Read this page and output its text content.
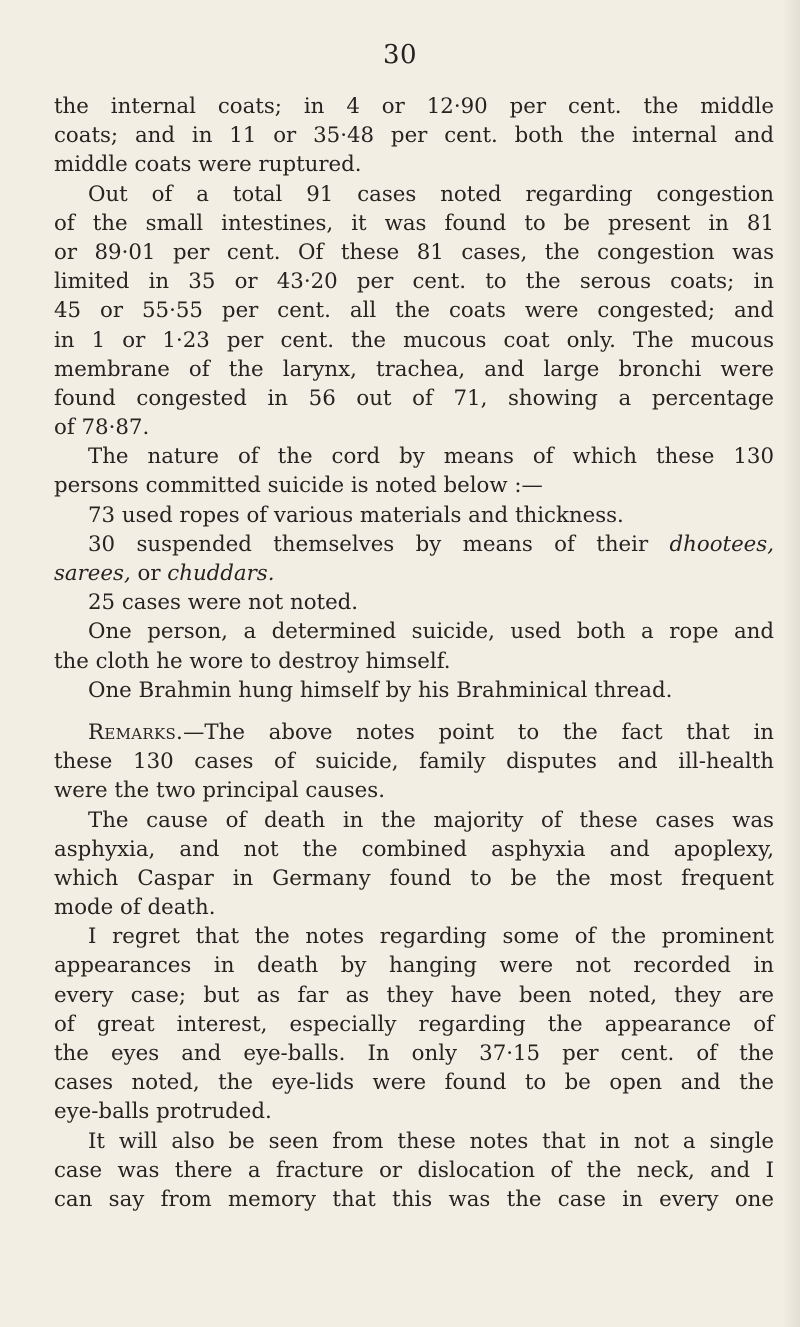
30
the internal coats; in 4 or 12·90 per cent. the middle
coats; and in 11 or 35·48 per cent. both the internal and
middle coats were ruptured.
Out of a total 91 cases noted regarding congestion
of the small intestines, it was found to be present in 81
or 89·01 per cent. Of these 81 cases, the congestion was
limited in 35 or 43·20 per cent. to the serous coats; in
45 or 55·55 per cent. all the coats were congested; and
in 1 or 1·23 per cent. the mucous coat only. The mucous
membrane of the larynx, trachea, and large bronchi were
found congested in 56 out of 71, showing a percentage
of 78·87.
The nature of the cord by means of which these 130
persons committed suicide is noted below :—
73 used ropes of various materials and thickness.
30 suspended themselves by means of their dhootees,
sarees, or chuddars.
25 cases were not noted.
One person, a determined suicide, used both a rope and
the cloth he wore to destroy himself.
One Brahmin hung himself by his Brahminical thread.
Remarks.—The above notes point to the fact that in
these 130 cases of suicide, family disputes and ill-health
were the two principal causes.
The cause of death in the majority of these cases was
asphyxia, and not the combined asphyxia and apoplexy,
which Caspar in Germany found to be the most frequent
mode of death.
I regret that the notes regarding some of the prominent
appearances in death by hanging were not recorded in
every case; but as far as they have been noted, they are
of great interest, especially regarding the appearance of
the eyes and eye-balls. In only 37·15 per cent. of the
cases noted, the eye-lids were found to be open and the
eye-balls protruded.
It will also be seen from these notes that in not a single
case was there a fracture or dislocation of the neck, and I
can say from memory that this was the case in every one
